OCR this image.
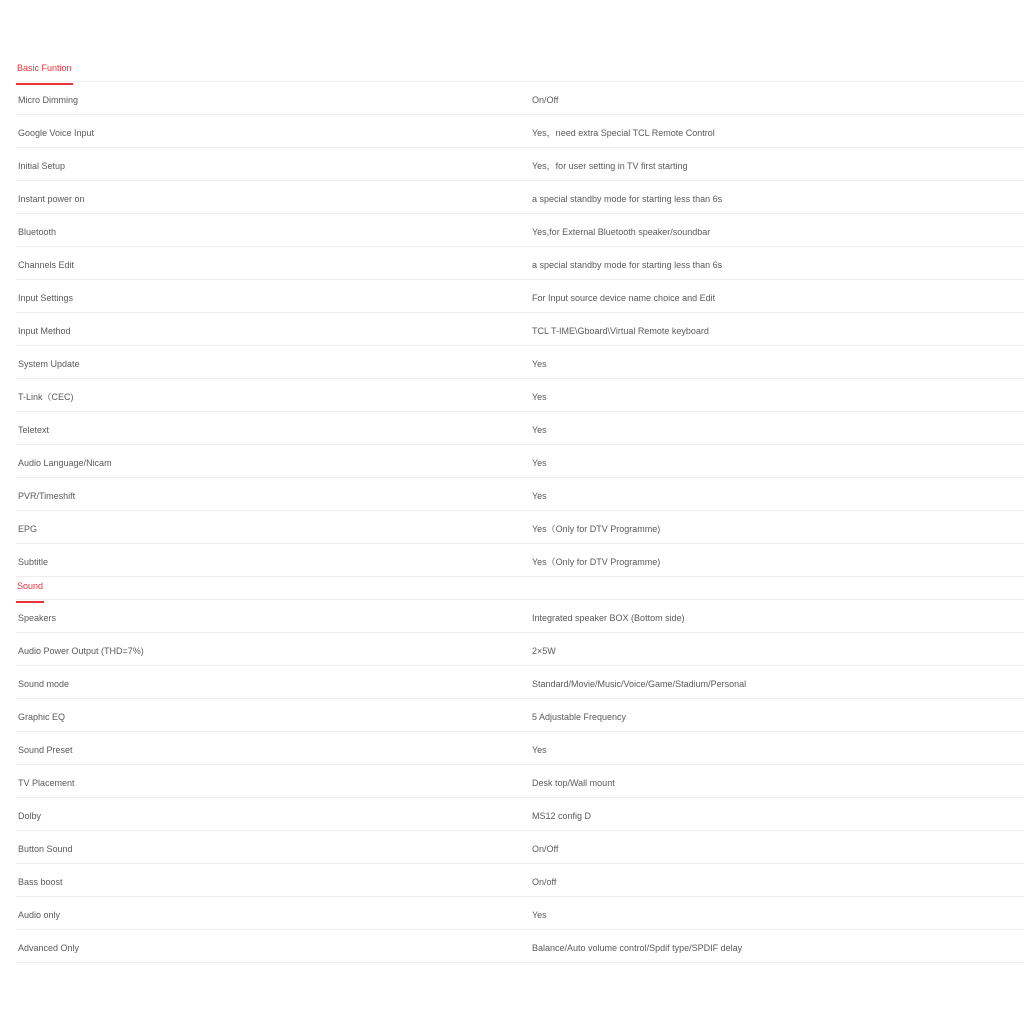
Basic Funtion
Micro Dimming	On/Off
Google Voice Input	Yes，need extra Special TCL Remote Control
Initial Setup	Yes，for user setting in TV first starting
Instant power on	a special standby mode for starting less than 6s
Bluetooth	Yes,for External Bluetooth speaker/soundbar
Channels Edit	a special standby mode for starting less than 6s
Input Settings	For Input source device name choice and Edit
Input Method	TCL T-IME\Gboard\Virtual Remote keyboard
System Update	Yes
T-Link（CEC)	Yes
Teletext	Yes
Audio Language/Nicam	Yes
PVR/Timeshift	Yes
EPG	Yes（Only for DTV Programme)
Subtitle	Yes（Only for DTV Programme)
Sound
Speakers	Integrated speaker BOX (Bottom side)
Audio Power Output (THD=7%)	2×5W
Sound mode	Standard/Movie/Music/Voice/Game/Stadium/Personal
Graphic EQ	5 Adjustable Frequency
Sound Preset	Yes
TV Placement	Desk top/Wall mount
Dolby	MS12 config D
Button Sound	On/Off
Bass boost	On/off
Audio only	Yes
Advanced Only	Balance/Auto volume control/Spdif type/SPDIF delay
